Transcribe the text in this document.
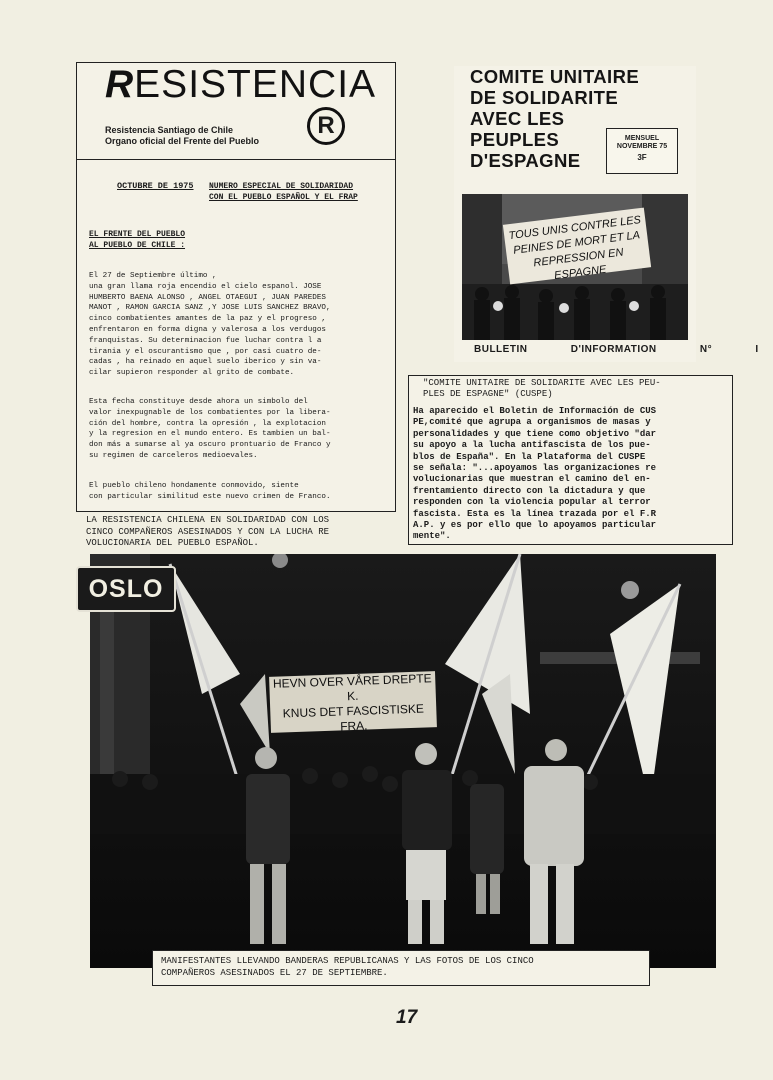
RESISTENCIA
Resistencia Santiago de Chile
Organo oficial del Frente del Pueblo
R
OCTUBRE DE 1975 NUMERO ESPECIAL DE SOLIDARIDAD
CON EL PUEBLO ESPAÑOL Y EL FRAP
EL FRENTE DEL PUEBLO
AL PUEBLO DE CHILE :
El 27 de Septiembre último ,
una gran llama roja encendio el cielo espanol. JOSE
HUMBERTO BAENA ALONSO , ANGEL OTAEGUI , JUAN PAREDES
MANOT , RAMON GARCIA SANZ ,Y JOSE LUIS SANCHEZ BRAVO,
cinco combatientes amantes de la paz y el progreso ,
enfrentaron en forma digna y valerosa a los verdugos
franquistas. Su determinacion fue luchar contra l a
tirania y el oscurantismo que , por casi cuatro de-
cadas , ha reinado en aquel suelo iberico y sin va-
cilar supieron responder al grito de combate.
Esta fecha constituye desde ahora un simbolo del
valor inexpugnable de los combatientes por la libera-
ción del hombre, contra la opresión , la explotacion
y la regresion en el mundo entero. Es tambien un bal-
don más a sumarse al ya oscuro prontuario de Franco y
su regimen de carceleros medioevales.
El pueblo chileno hondamente conmovido, siente
con particular similitud este nuevo crimen de Franco.
LA RESISTENCIA CHILENA EN SOLIDARIDAD CON LOS
CINCO COMPAÑEROS ASESINADOS Y CON LA LUCHA RE
VOLUCIONARIA DEL PUEBLO ESPAÑOL.
COMITE UNITAIRE
DE SOLIDARITE
AVEC LES
PEUPLES
D'ESPAGNE
MENSUEL
NOVEMBRE 75
3F
TOUS UNIS CONTRE LES
PEINES DE MORT ET LA
REPRESSION EN ESPAGNE
BULLETIN D'INFORMATION	N° I
"COMITE UNITAIRE DE SOLIDARITE AVEC LES PEU-
PLES DE ESPAGNE" (CUSPE)
Ha aparecido el Boletin de Información de CUS
PE,comité que agrupa a organismos de masas y
personalidades y que tiene como objetivo "dar
su apoyo a la lucha antifascista de los pue-
blos de España". En la Plataforma del CUSPE
se señala: "...apoyamos las organizaciones re
volucionarias que muestran el camino del en-
frentamiento directo con la dictadura y que
responden con la violencia popular al terror
fascista. Esta es la línea trazada por el F.R
A.P. y es por ello que lo apoyamos particular
mente".
HEVN OVER VÅRE DREPTE K.
KNUS DET FASCISTISKE FRA.
OSLO
MANIFESTANTES LLEVANDO BANDERAS REPUBLICANAS Y LAS FOTOS DE LOS CINCO
COMPAÑEROS ASESINADOS EL 27 DE SEPTIEMBRE.
17
